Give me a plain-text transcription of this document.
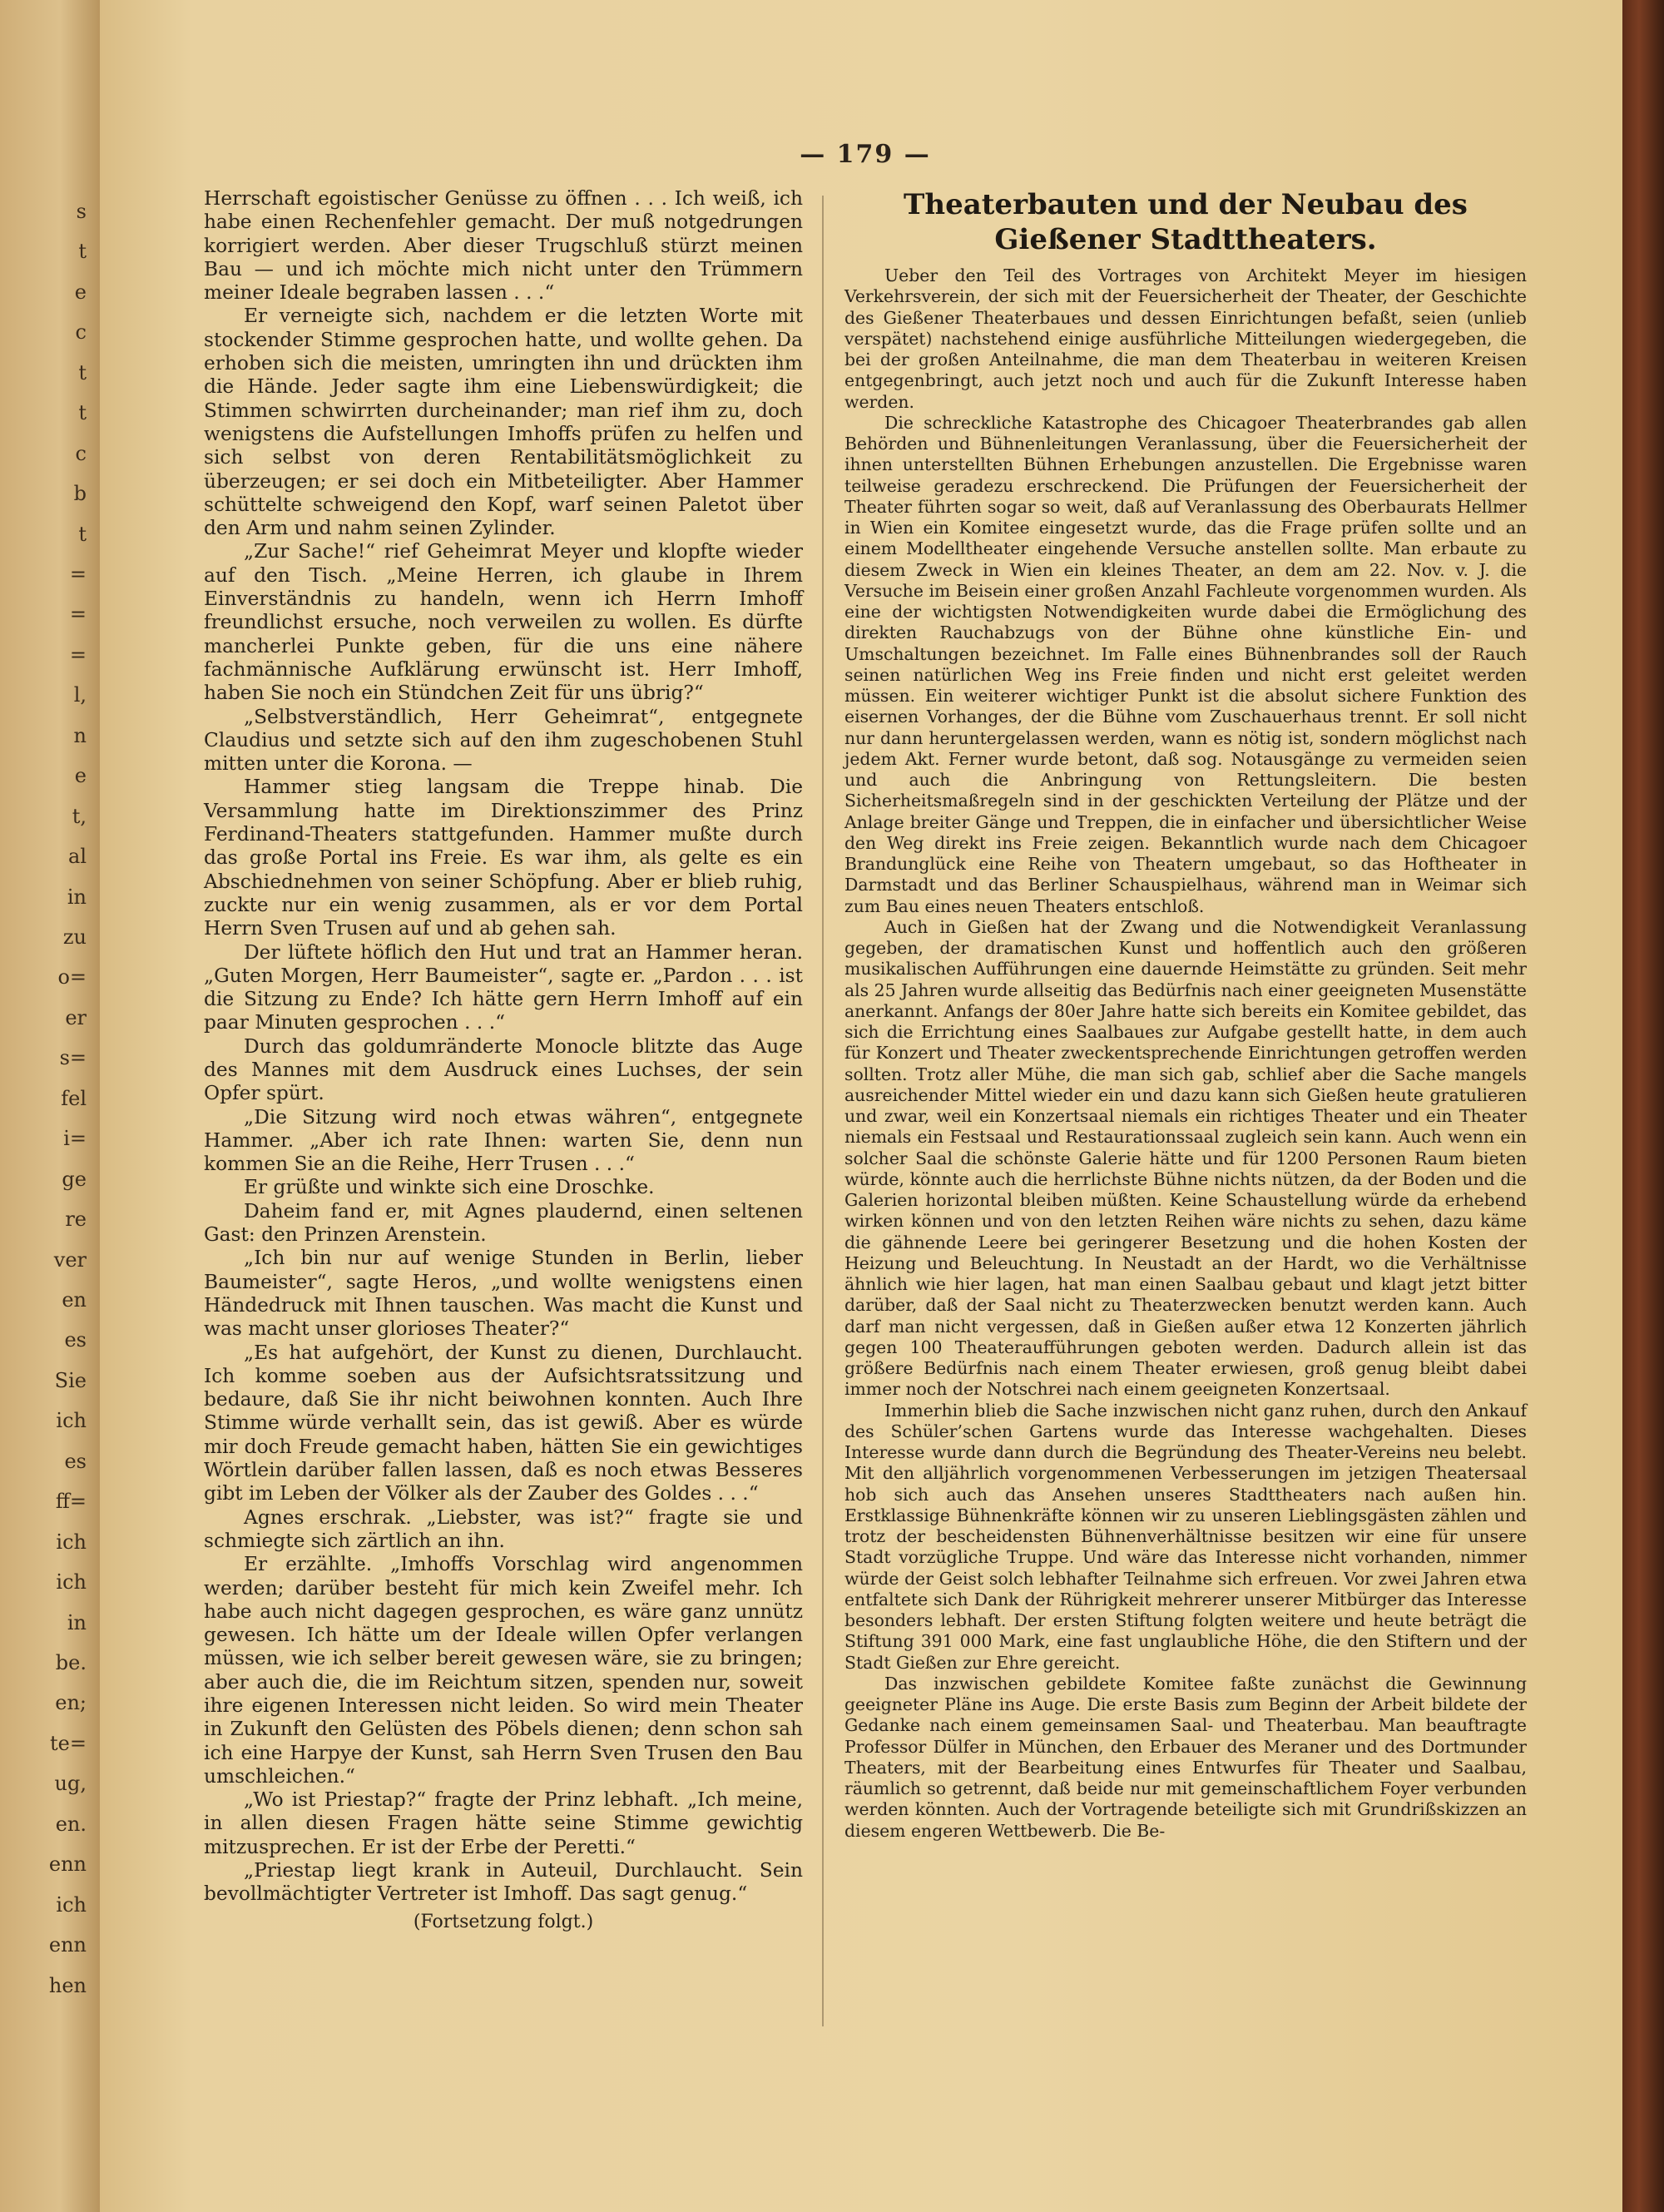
s
t
e
c
t
t
c
b
t
=
=
=
l,
n
e
t,
al
in
zu
o=
er
s=
fel
i=
ge
re
ver
en
es
Sie
ich
es
ff=
ich
ich
in
be.
en;
te=
ug,
en.
enn
ich
enn
hen
— 179 —

Herrschaft egoistischer Genüsse zu öffnen . . . Ich weiß, ich habe einen Rechenfehler gemacht. Der muß notgedrungen korrigiert werden. Aber dieser Trugschluß stürzt meinen Bau — und ich möchte mich nicht unter den Trümmern meiner Ideale begraben lassen . . .“

Er verneigte sich, nachdem er die letzten Worte mit stockender Stimme gesprochen hatte, und wollte gehen. Da erhoben sich die meisten, umringten ihn und drückten ihm die Hände. Jeder sagte ihm eine Liebenswürdigkeit; die Stimmen schwirrten durcheinander; man rief ihm zu, doch wenigstens die Aufstellungen Imhoffs prüfen zu helfen und sich selbst von deren Rentabilitätsmöglichkeit zu überzeugen; er sei doch ein Mitbeteiligter. Aber Hammer schüttelte schweigend den Kopf, warf seinen Paletot über den Arm und nahm seinen Zylinder.

„Zur Sache!“ rief Geheimrat Meyer und klopfte wieder auf den Tisch. „Meine Herren, ich glaube in Ihrem Einverständnis zu handeln, wenn ich Herrn Imhoff freundlichst ersuche, noch verweilen zu wollen. Es dürfte mancherlei Punkte geben, für die uns eine nähere fachmännische Aufklärung erwünscht ist. Herr Imhoff, haben Sie noch ein Stündchen Zeit für uns übrig?“

„Selbstverständlich, Herr Geheimrat“, entgegnete Claudius und setzte sich auf den ihm zugeschobenen Stuhl mitten unter die Korona. —

Hammer stieg langsam die Treppe hinab. Die Versammlung hatte im Direktionszimmer des Prinz Ferdinand-Theaters stattgefunden. Hammer mußte durch das große Portal ins Freie. Es war ihm, als gelte es ein Abschiednehmen von seiner Schöpfung. Aber er blieb ruhig, zuckte nur ein wenig zusammen, als er vor dem Portal Herrn Sven Trusen auf und ab gehen sah.

Der lüftete höflich den Hut und trat an Hammer heran. „Guten Morgen, Herr Baumeister“, sagte er. „Pardon . . . ist die Sitzung zu Ende? Ich hätte gern Herrn Imhoff auf ein paar Minuten gesprochen . . .“

Durch das goldumränderte Monocle blitzte das Auge des Mannes mit dem Ausdruck eines Luchses, der sein Opfer spürt.

„Die Sitzung wird noch etwas währen“, entgegnete Hammer. „Aber ich rate Ihnen: warten Sie, denn nun kommen Sie an die Reihe, Herr Trusen . . .“

Er grüßte und winkte sich eine Droschke.

Daheim fand er, mit Agnes plaudernd, einen seltenen Gast: den Prinzen Arenstein.

„Ich bin nur auf wenige Stunden in Berlin, lieber Baumeister“, sagte Heros, „und wollte wenigstens einen Händedruck mit Ihnen tauschen. Was macht die Kunst und was macht unser glorioses Theater?“

„Es hat aufgehört, der Kunst zu dienen, Durchlaucht. Ich komme soeben aus der Aufsichtsratssitzung und bedaure, daß Sie ihr nicht beiwohnen konnten. Auch Ihre Stimme würde verhallt sein, das ist gewiß. Aber es würde mir doch Freude gemacht haben, hätten Sie ein gewichtiges Wörtlein darüber fallen lassen, daß es noch etwas Besseres gibt im Leben der Völker als der Zauber des Goldes . . .“

Agnes erschrak. „Liebster, was ist?“ fragte sie und schmiegte sich zärtlich an ihn.

Er erzählte. „Imhoffs Vorschlag wird angenommen werden; darüber besteht für mich kein Zweifel mehr. Ich habe auch nicht dagegen gesprochen, es wäre ganz unnütz gewesen. Ich hätte um der Ideale willen Opfer verlangen müssen, wie ich selber bereit gewesen wäre, sie zu bringen; aber auch die, die im Reichtum sitzen, spenden nur, soweit ihre eigenen Interessen nicht leiden. So wird mein Theater in Zukunft den Gelüsten des Pöbels dienen; denn schon sah ich eine Harpye der Kunst, sah Herrn Sven Trusen den Bau umschleichen.“

„Wo ist Priestap?“ fragte der Prinz lebhaft. „Ich meine, in allen diesen Fragen hätte seine Stimme gewichtig mitzusprechen. Er ist der Erbe der Peretti.“

„Priestap liegt krank in Auteuil, Durchlaucht. Sein bevollmächtigter Vertreter ist Imhoff. Das sagt genug.“

(Fortsetzung folgt.)
Theaterbauten und der Neubau des Gießener Stadttheaters.

Ueber den Teil des Vortrages von Architekt Meyer im hiesigen Verkehrsverein, der sich mit der Feuersicherheit der Theater, der Geschichte des Gießener Theaterbaues und dessen Einrichtungen befaßt, seien (unlieb verspätet) nachstehend einige ausführliche Mitteilungen wiedergegeben, die bei der großen Anteilnahme, die man dem Theaterbau in weiteren Kreisen entgegenbringt, auch jetzt noch und auch für die Zukunft Interesse haben werden.

Die schreckliche Katastrophe des Chicagoer Theaterbrandes gab allen Behörden und Bühnenleitungen Veranlassung, über die Feuersicherheit der ihnen unterstellten Bühnen Erhebungen anzustellen. Die Ergebnisse waren teilweise geradezu erschreckend. Die Prüfungen der Feuersicherheit der Theater führten sogar so weit, daß auf Veranlassung des Oberbaurats Hellmer in Wien ein Komitee eingesetzt wurde, das die Frage prüfen sollte und an einem Modelltheater eingehende Versuche anstellen sollte. Man erbaute zu diesem Zweck in Wien ein kleines Theater, an dem am 22. Nov. v. J. die Versuche im Beisein einer großen Anzahl Fachleute vorgenommen wurden. Als eine der wichtigsten Notwendigkeiten wurde dabei die Ermöglichung des direkten Rauchabzugs von der Bühne ohne künstliche Ein- und Umschaltungen bezeichnet. Im Falle eines Bühnenbrandes soll der Rauch seinen natürlichen Weg ins Freie finden und nicht erst geleitet werden müssen. Ein weiterer wichtiger Punkt ist die absolut sichere Funktion des eisernen Vorhanges, der die Bühne vom Zuschauerhaus trennt. Er soll nicht nur dann heruntergelassen werden, wann es nötig ist, sondern möglichst nach jedem Akt. Ferner wurde betont, daß sog. Notausgänge zu vermeiden seien und auch die Anbringung von Rettungsleitern. Die besten Sicherheitsmaßregeln sind in der geschickten Verteilung der Plätze und der Anlage breiter Gänge und Treppen, die in einfacher und übersichtlicher Weise den Weg direkt ins Freie zeigen. Bekanntlich wurde nach dem Chicagoer Brandunglück eine Reihe von Theatern umgebaut, so das Hoftheater in Darmstadt und das Berliner Schauspielhaus, während man in Weimar sich zum Bau eines neuen Theaters entschloß.

Auch in Gießen hat der Zwang und die Notwendigkeit Veranlassung gegeben, der dramatischen Kunst und hoffentlich auch den größeren musikalischen Aufführungen eine dauernde Heimstätte zu gründen. Seit mehr als 25 Jahren wurde allseitig das Bedürfnis nach einer geeigneten Musenstätte anerkannt. Anfangs der 80er Jahre hatte sich bereits ein Komitee gebildet, das sich die Errichtung eines Saalbaues zur Aufgabe gestellt hatte, in dem auch für Konzert und Theater zweckentsprechende Einrichtungen getroffen werden sollten. Trotz aller Mühe, die man sich gab, schlief aber die Sache mangels ausreichender Mittel wieder ein und dazu kann sich Gießen heute gratulieren und zwar, weil ein Konzertsaal niemals ein richtiges Theater und ein Theater niemals ein Festsaal und Restaurationssaal zugleich sein kann. Auch wenn ein solcher Saal die schönste Galerie hätte und für 1200 Personen Raum bieten würde, könnte auch die herrlichste Bühne nichts nützen, da der Boden und die Galerien horizontal bleiben müßten. Keine Schaustellung würde da erhebend wirken können und von den letzten Reihen wäre nichts zu sehen, dazu käme die gähnende Leere bei geringerer Besetzung und die hohen Kosten der Heizung und Beleuchtung. In Neustadt an der Hardt, wo die Verhältnisse ähnlich wie hier lagen, hat man einen Saalbau gebaut und klagt jetzt bitter darüber, daß der Saal nicht zu Theaterzwecken benutzt werden kann. Auch darf man nicht vergessen, daß in Gießen außer etwa 12 Konzerten jährlich gegen 100 Theateraufführungen geboten werden. Dadurch allein ist das größere Bedürfnis nach einem Theater erwiesen, groß genug bleibt dabei immer noch der Notschrei nach einem geeigneten Konzertsaal.

Immerhin blieb die Sache inzwischen nicht ganz ruhen, durch den Ankauf des Schüler’schen Gartens wurde das Interesse wachgehalten. Dieses Interesse wurde dann durch die Begründung des Theater-Vereins neu belebt. Mit den alljährlich vorgenommenen Verbesserungen im jetzigen Theatersaal hob sich auch das Ansehen unseres Stadttheaters nach außen hin. Erstklassige Bühnenkräfte können wir zu unseren Lieblingsgästen zählen und trotz der bescheidensten Bühnenverhältnisse besitzen wir eine für unsere Stadt vorzügliche Truppe. Und wäre das Interesse nicht vorhanden, nimmer würde der Geist solch lebhafter Teilnahme sich erfreuen. Vor zwei Jahren etwa entfaltete sich Dank der Rührigkeit mehrerer unserer Mitbürger das Interesse besonders lebhaft. Der ersten Stiftung folgten weitere und heute beträgt die Stiftung 391 000 Mark, eine fast unglaubliche Höhe, die den Stiftern und der Stadt Gießen zur Ehre gereicht.

Das inzwischen gebildete Komitee faßte zunächst die Gewinnung geeigneter Pläne ins Auge. Die erste Basis zum Beginn der Arbeit bildete der Gedanke nach einem gemeinsamen Saal- und Theaterbau. Man beauftragte Professor Dülfer in München, den Erbauer des Meraner und des Dortmunder Theaters, mit der Bearbeitung eines Entwurfes für Theater und Saalbau, räumlich so getrennt, daß beide nur mit gemeinschaftlichem Foyer verbunden werden könnten. Auch der Vortragende beteiligte sich mit Grundrißskizzen an diesem engeren Wettbewerb. Die Be-
